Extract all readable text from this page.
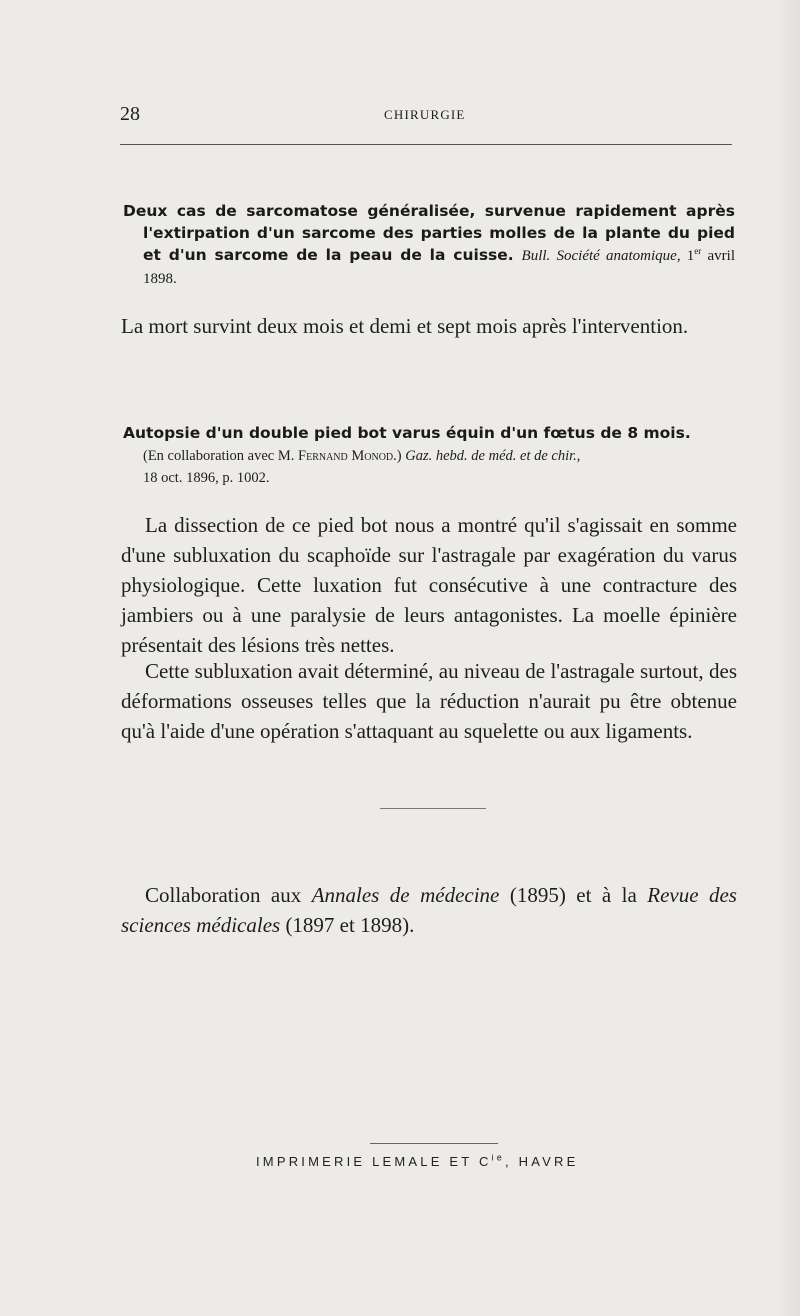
28	CHIRURGIE
Deux cas de sarcomatose généralisée, survenue rapidement après l'extirpation d'un sarcome des parties molles de la plante du pied et d'un sarcome de la peau de la cuisse. Bull. Société anatomique, 1er avril 1898.

La mort survint deux mois et demi et sept mois après l'intervention.

Autopsie d'un double pied bot varus équin d'un fœtus de 8 mois.
(En collaboration avec M. Fernand Monod.) Gaz. hebd. de méd. et de chir.,
18 oct. 1896, p. 1002.

La dissection de ce pied bot nous a montré qu'il s'agissait en somme d'une subluxation du scaphoïde sur l'astragale par exagération du varus physiologique. Cette luxation fut consécutive à une contracture des jambiers ou à une paralysie de leurs antagonistes. La moelle épinière présentait des lésions très nettes.

Cette subluxation avait déterminé, au niveau de l'astragale surtout, des déformations osseuses telles que la réduction n'aurait pu être obtenue qu'à l'aide d'une opération s'attaquant au squelette ou aux ligaments.

Collaboration aux Annales de médecine (1895) et à la Revue des sciences médicales (1897 et 1898).

IMPRIMERIE LEMALE ET $C^{ie}$, HAVRE
